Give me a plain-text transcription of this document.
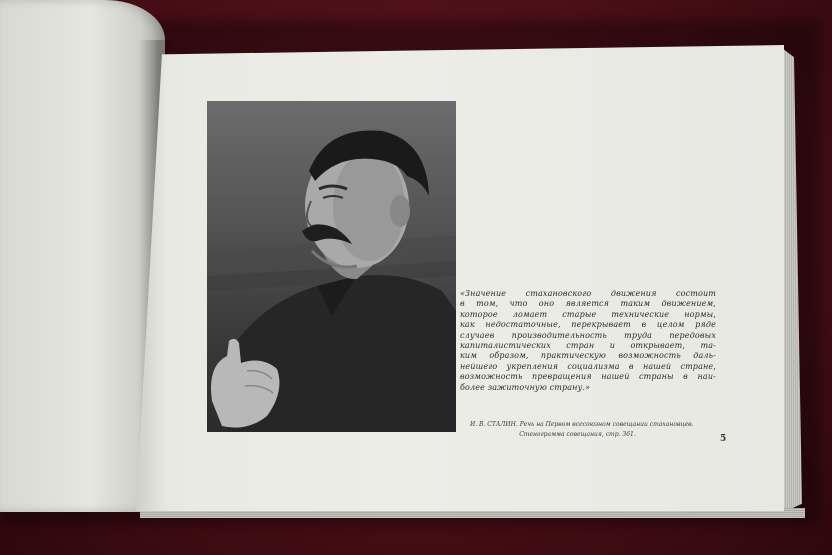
«Значение стахановского движения состоит
в том, что оно является таким движением,
которое ломает старые технические нормы,
как недостаточные, перекрывает в целом ряде
случаев производительность труда передовых
капиталистических стран и открывает, та-
ким образом, практическую возможность даль-
нейшего укрепления социализма в нашей стране,
возможность превращения нашей страны в наи-
более зажиточную страну.»

И. В. СТАЛИН. Речь на Первом всесоюзном совещании стахановцев.
Стенограмма совещания, стр. 361.	5
